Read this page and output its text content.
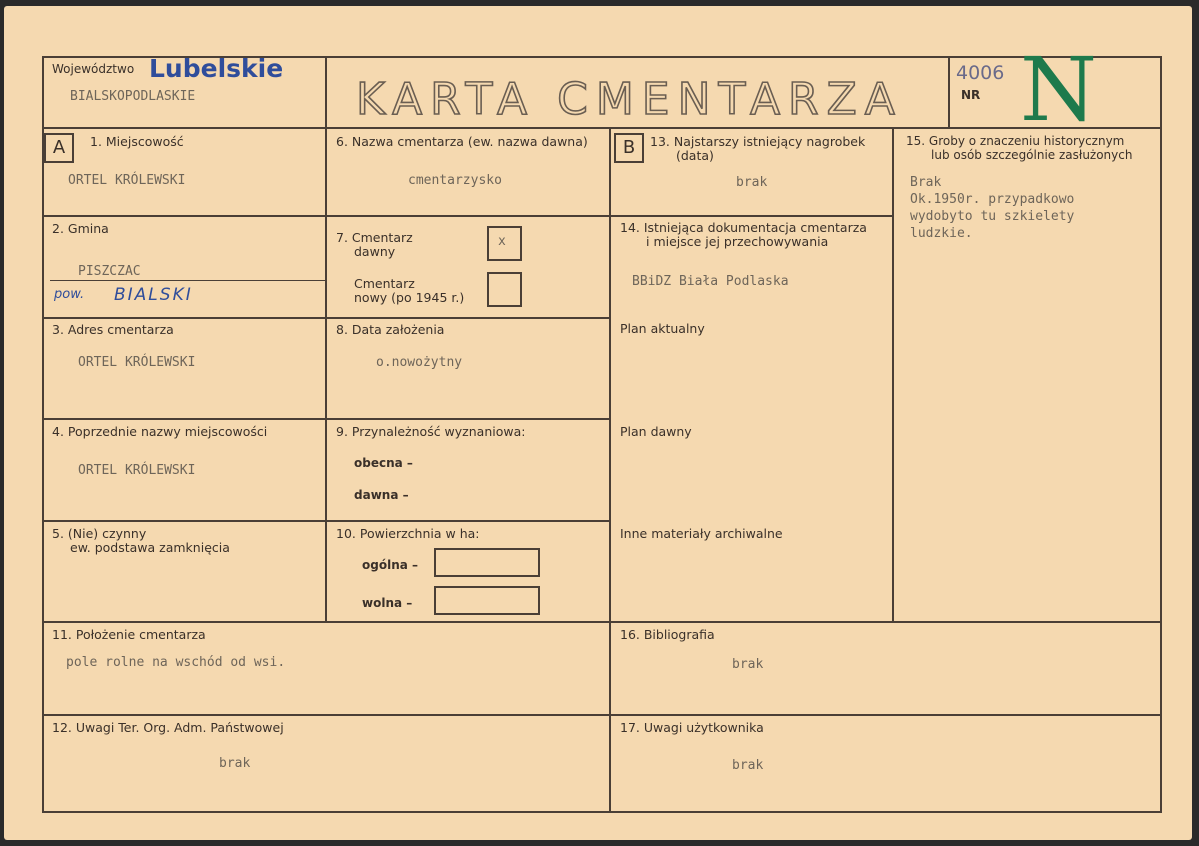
Województwo Lubelskie
BIALSKOPODLASKIE	KARTA CMENTARZA
4006
NR N
A	B
1. Miejscowość
ORTEL KRÓLEWSKI
2. Gmina
PISZCZAC
pow. BIALSKI
3. Adres cmentarza
ORTEL KRÓLEWSKI
4. Poprzednie nazwy miejscowości
ORTEL KRÓLEWSKI
5. (Nie) czynny
ew. podstawa zamknięcia
6. Nazwa cmentarza (ew. nazwa dawna)
cmentarzysko
7. Cmentarz
dawny
x
Cmentarz
nowy (po 1945 r.)
8. Data założenia
o.nowożytny
9. Przynależność wyznaniowa:
obecna –
dawna –
10. Powierzchnia w ha:
ogólna –
wolna –
13. Najstarszy istniejący nagrobek
(data)
brak
14. Istniejąca dokumentacja cmentarza
i miejsce jej przechowywania
BBiDZ Biała Podlaska
Plan aktualny
Plan dawny
Inne materiały archiwalne
15. Groby o znaczeniu historycznym
lub osób szczególnie zasłużonych
Brak
Ok.1950r. przypadkowo
wydobyto tu szkielety
ludzkie.
11. Położenie cmentarza
pole rolne na wschód od wsi.
16. Bibliografia
brak
12. Uwagi Ter. Org. Adm. Państwowej
brak
17. Uwagi użytkownika
brak
